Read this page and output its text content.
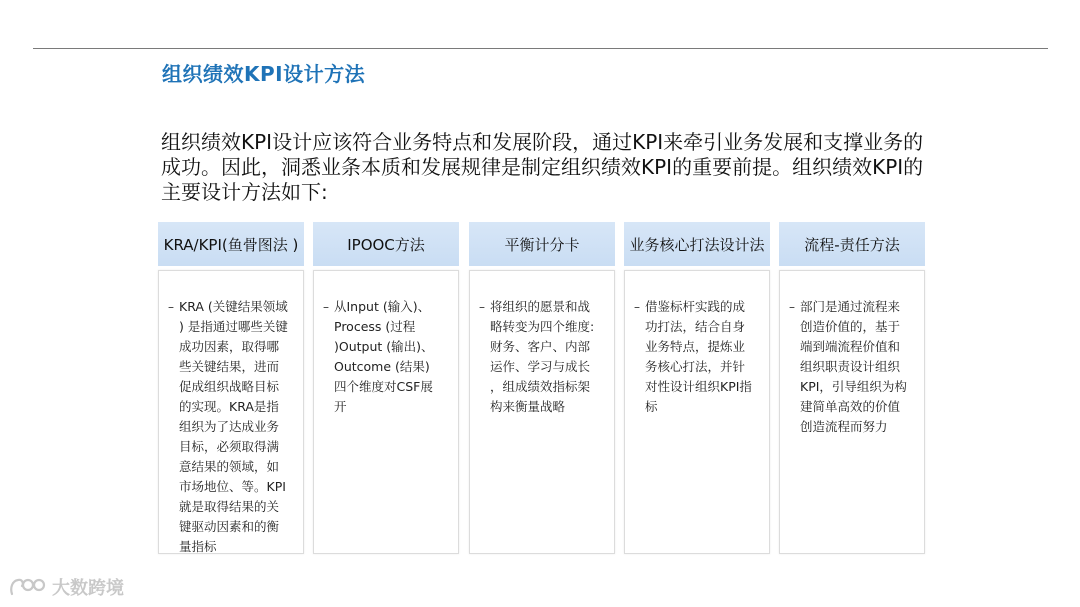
组织绩效KPI设计方法
组织绩效KPI设计应该符合业务特点和发展阶段，通过KPI来牵引业务发展和支撑业务的成功。因此，洞悉业条本质和发展规律是制定组织绩效KPI的重要前提。组织绩效KPI的主要设计方法如下:
KRA/KPI(鱼骨图法 )
– KRA (关键结果领域
) 是指通过哪些关键
成功因素，取得哪
些关键结果，进而
促成组织战略目标
的实现。KRA是指
组织为了达成业务
目标，必须取得满
意结果的领域，如
市场地位、等。KPI
就是取得结果的关
键驱动因素和的衡
量指标
IPOOC方法
– 从Input (输入)、
Process (过程
)Output (输出)、
Outcome (结果)
四个维度对CSF展
开
平衡计分卡
– 将组织的愿景和战
略转变为四个维度:
财务、客户、内部
运作、学习与成长
，组成绩效指标架
构来衡量战略
业务核心打法设计法
– 借鉴标杆实践的成
功打法，结合自身
业务特点，提炼业
务核心打法，并针
对性设计组织KPI指
标
流程-责任方法
– 部门是通过流程来
创造价值的，基于
端到端流程价值和
组织职责设计组织
KPI，引导组织为构
建简单高效的价值
创造流程而努力
大数跨境
